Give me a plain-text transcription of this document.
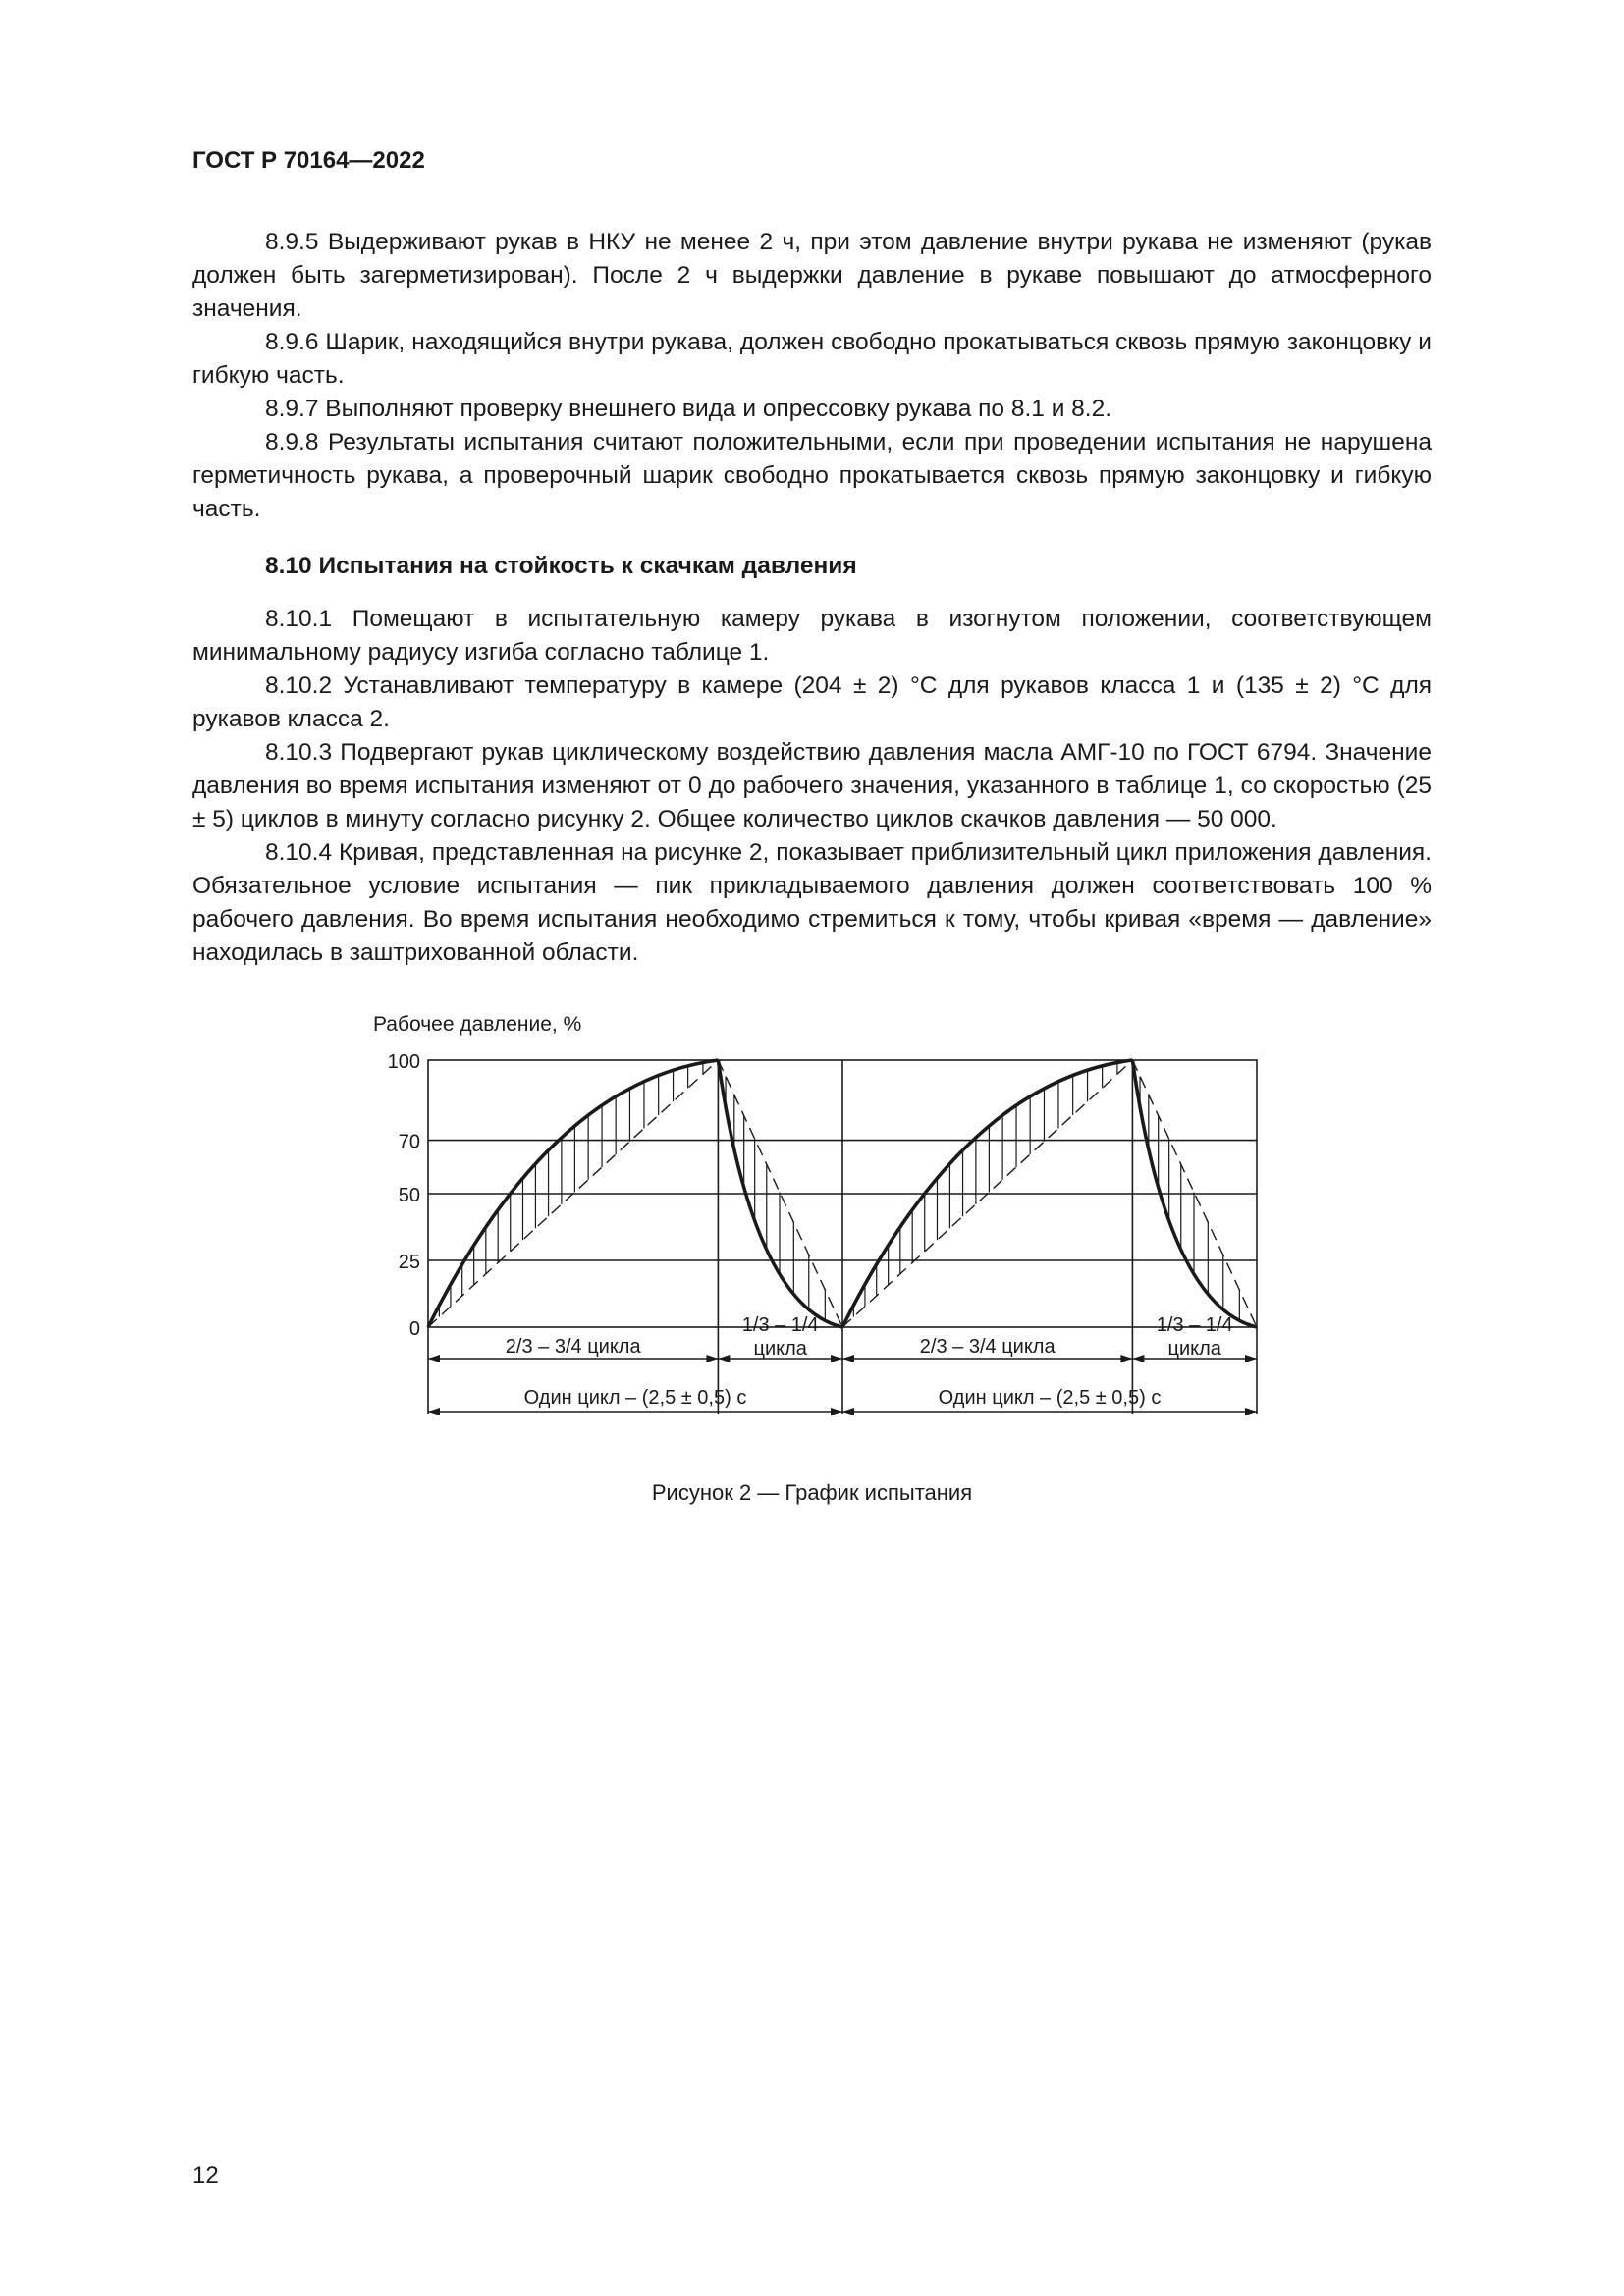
ГОСТ Р 70164—2022

8.9.5 Выдерживают рукав в НКУ не менее 2 ч, при этом давление внутри рукава не изменяют (рукав должен быть загерметизирован). После 2 ч выдержки давление в рукаве повышают до атмосферного значения.

8.9.6 Шарик, находящийся внутри рукава, должен свободно прокатываться сквозь прямую законцовку и гибкую часть.

8.9.7 Выполняют проверку внешнего вида и опрессовку рукава по 8.1 и 8.2.

8.9.8 Результаты испытания считают положительными, если при проведении испытания не нарушена герметичность рукава, а проверочный шарик свободно прокатывается сквозь прямую законцовку и гибкую часть.

8.10 Испытания на стойкость к скачкам давления

8.10.1 Помещают в испытательную камеру рукава в изогнутом положении, соответствующем минимальному радиусу изгиба согласно таблице 1.

8.10.2 Устанавливают температуру в камере (204 ± 2) °С для рукавов класса 1 и (135 ± 2) °С для рукавов класса 2.

8.10.3 Подвергают рукав циклическому воздействию давления масла АМГ-10 по ГОСТ 6794. Значение давления во время испытания изменяют от 0 до рабочего значения, указанного в таблице 1, со скоростью (25 ± 5) циклов в минуту согласно рисунку 2. Общее количество циклов скачков давления — 50 000.

8.10.4 Кривая, представленная на рисунке 2, показывает приблизительный цикл приложения давления. Обязательное условие испытания — пик прикладываемого давления должен соответствовать 100 % рабочего давления. Во время испытания необходимо стремиться к тому, чтобы кривая «время — давление» находилась в заштрихованной области.

0
25
50
70
100
Рабочее давление, %
2/3 – 3/4 цикла
1/3 – 1/4
цикла
Один цикл – (2,5 ± 0,5) с
2/3 – 3/4 цикла
1/3 – 1/4
цикла
Один цикл – (2,5 ± 0,5) с

Рисунок 2 — График испытания

12
